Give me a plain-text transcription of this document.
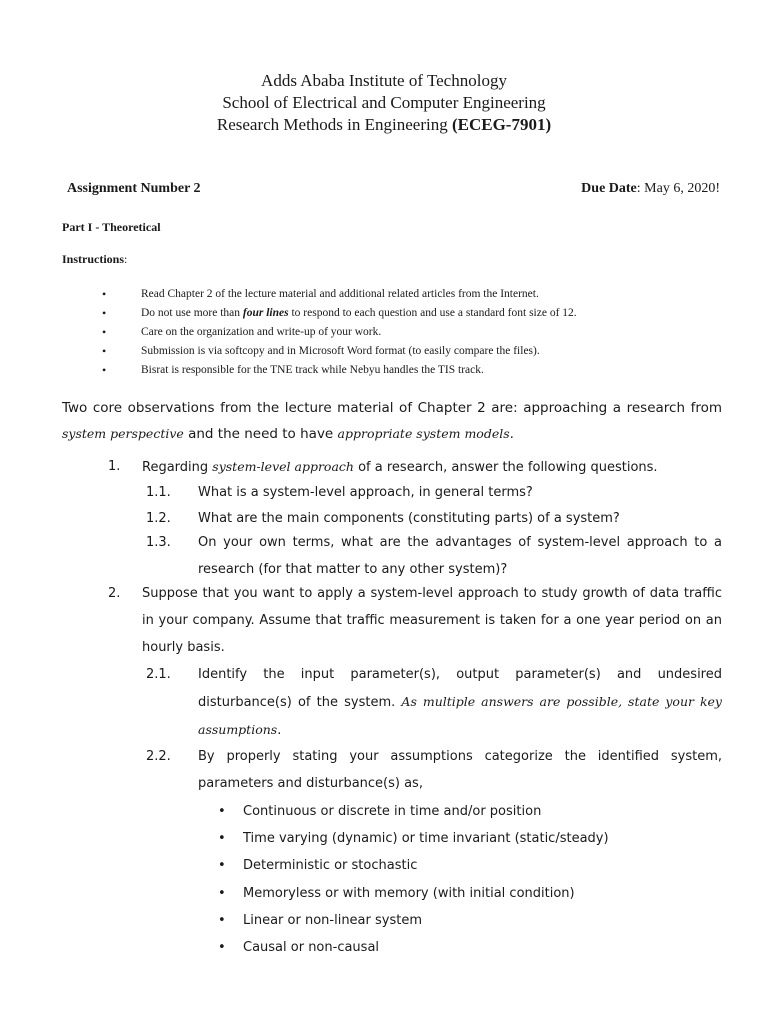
Adds Ababa Institute of Technology
School of Electrical and Computer Engineering
Research Methods in Engineering (ECEG-7901)
Assignment Number 2	Due Date: May 6, 2020!
Part I - Theoretical
Instructions:
• Read Chapter 2 of the lecture material and additional related articles from the Internet.
• Do not use more than four lines to respond to each question and use a standard font size of 12.
• Care on the organization and write-up of your work.
• Submission is via softcopy and in Microsoft Word format (to easily compare the files).
• Bisrat is responsible for the TNE track while Nebyu handles the TIS track.
Two core observations from the lecture material of Chapter 2 are: approaching a research from system perspective and the need to have appropriate system models.
1. Regarding system-level approach of a research, answer the following questions.
1.1. What is a system-level approach, in general terms?
1.2. What are the main components (constituting parts) of a system?
1.3. On your own terms, what are the advantages of system-level approach to a research (for that matter to any other system)?
2. Suppose that you want to apply a system-level approach to study growth of data traffic in your company. Assume that traffic measurement is taken for a one year period on an hourly basis.
2.1. Identify the input parameter(s), output parameter(s) and undesired disturbance(s) of the system. As multiple answers are possible, state your key assumptions.
2.2. By properly stating your assumptions categorize the identified system, parameters and disturbance(s) as,
• Continuous or discrete in time and/or position
• Time varying (dynamic) or time invariant (static/steady)
• Deterministic or stochastic
• Memoryless or with memory (with initial condition)
• Linear or non-linear system
• Causal or non-causal
